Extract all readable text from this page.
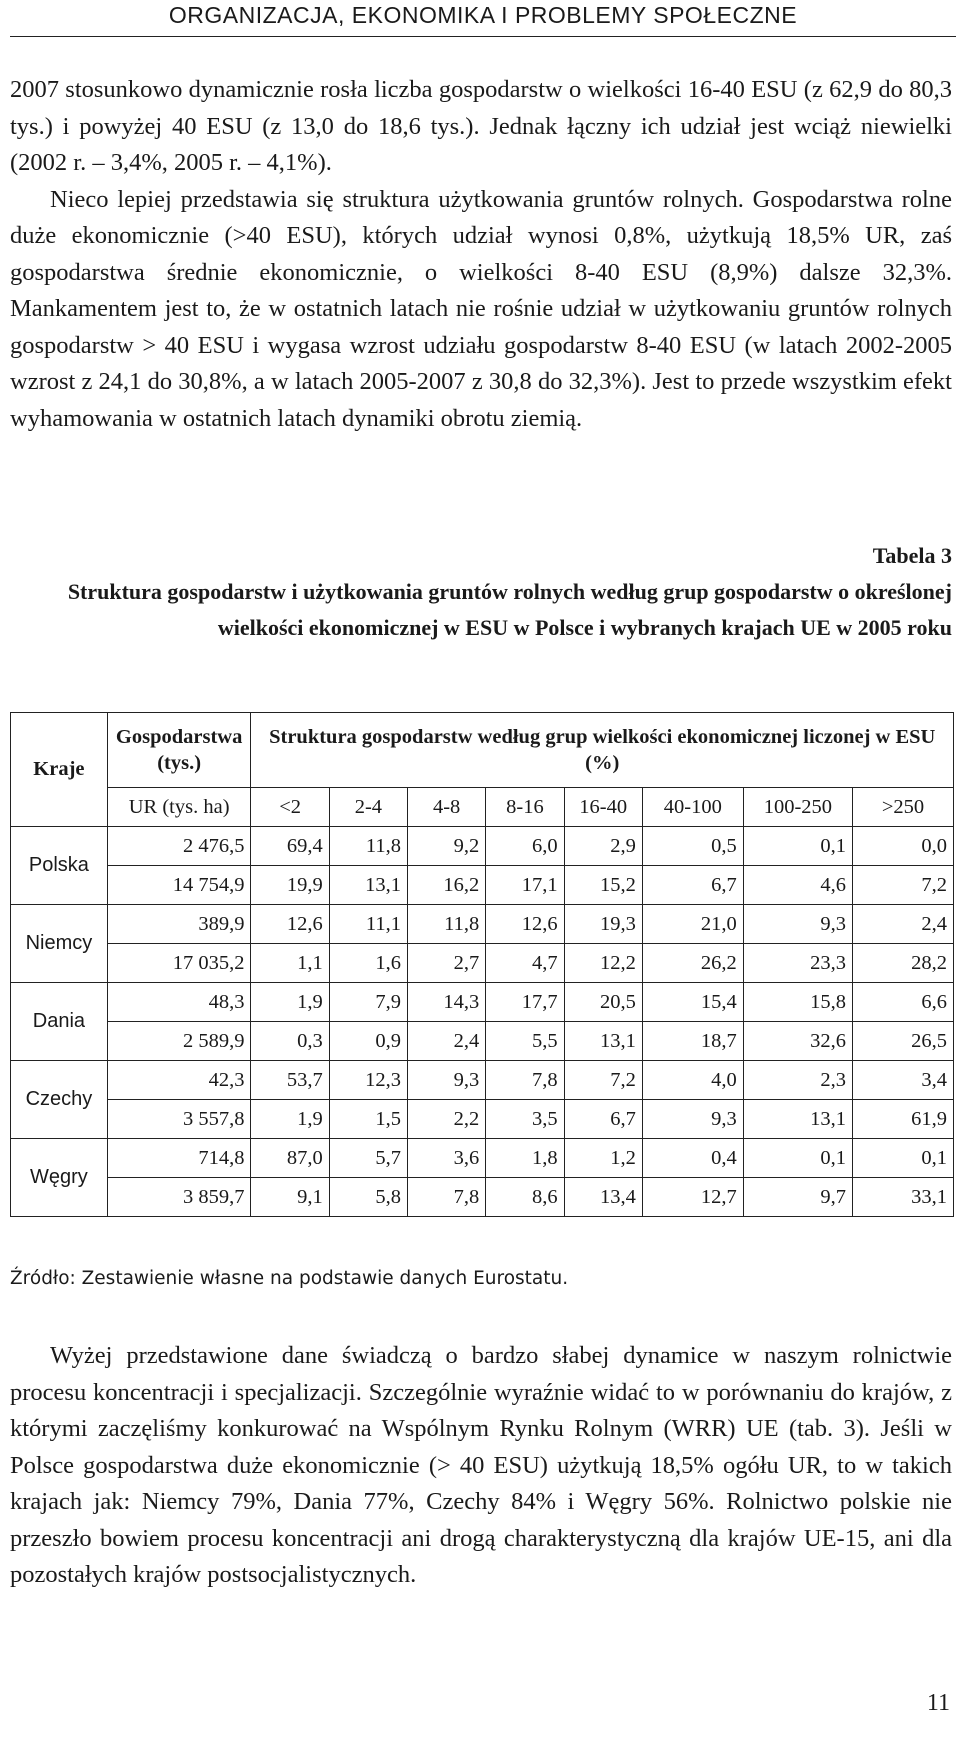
ORGANIZACJA, EKONOMIKA I PROBLEMY SPOŁECZNE

2007 stosunkowo dynamicznie rosła liczba gospodarstw o wielkości 16-40 ESU (z 62,9 do 80,3 tys.) i powyżej 40 ESU (z 13,0 do 18,6 tys.). Jednak łączny ich udział jest wciąż niewielki (2002 r. – 3,4%, 2005 r. – 4,1%).

Nieco lepiej przedstawia się struktura użytkowania gruntów rolnych. Gospodarstwa rolne duże ekonomicznie (>40 ESU), których udział wynosi 0,8%, użytkują 18,5% UR, zaś gospodarstwa średnie ekonomicznie, o wielkości 8-40 ESU (8,9%) dalsze 32,3%. Mankamentem jest to, że w ostatnich latach nie rośnie udział w użytkowaniu gruntów rolnych gospodarstw > 40 ESU i wygasa wzrost udziału gospodarstw 8-40 ESU (w latach 2002-2005 wzrost z 24,1 do 30,8%, a w latach 2005-2007 z 30,8 do 32,3%). Jest to przede wszystkim efekt wyhamowania w ostatnich latach dynamiki obrotu ziemią.

Tabela 3
Struktura gospodarstw i użytkowania gruntów rolnych według grup gospodarstw o określonej wielkości ekonomicznej w ESU w Polsce i wybranych krajach UE w 2005 roku
Kraje	Gospodarstwa (tys.)	Struktura gospodarstw według grup wielkości ekonomicznej liczonej w ESU (%)							
	UR (tys. ha)	<2	2-4	4-8	8-16	16-40	40-100	100-250	>250
Polska	2 476,5	69,4	11,8	9,2	6,0	2,9	0,5	0,1	0,0
	14 754,9	19,9	13,1	16,2	17,1	15,2	6,7	4,6	7,2
Niemcy	389,9	12,6	11,1	11,8	12,6	19,3	21,0	9,3	2,4
	17 035,2	1,1	1,6	2,7	4,7	12,2	26,2	23,3	28,2
Dania	48,3	1,9	7,9	14,3	17,7	20,5	15,4	15,8	6,6
	2 589,9	0,3	0,9	2,4	5,5	13,1	18,7	32,6	26,5
Czechy	42,3	53,7	12,3	9,3	7,8	7,2	4,0	2,3	3,4
	3 557,8	1,9	1,5	2,2	3,5	6,7	9,3	13,1	61,9
Węgry	714,8	87,0	5,7	3,6	1,8	1,2	0,4	0,1	0,1
	3 859,7	9,1	5,8	7,8	8,6	13,4	12,7	9,7	33,1
Źródło: Zestawienie własne na podstawie danych Eurostatu.

Wyżej przedstawione dane świadczą o bardzo słabej dynamice w naszym rolnictwie procesu koncentracji i specjalizacji. Szczególnie wyraźnie widać to w porównaniu do krajów, z którymi zaczęliśmy konkurować na Wspólnym Rynku Rolnym (WRR) UE (tab. 3). Jeśli w Polsce gospodarstwa duże ekonomicznie (> 40 ESU) użytkują 18,5% ogółu UR, to w takich krajach jak: Niemcy 79%, Dania 77%, Czechy 84% i Węgry 56%. Rolnictwo polskie nie przeszło bowiem procesu koncentracji ani drogą charakterystyczną dla krajów UE-15, ani dla pozostałych krajów postsocjalistycznych.

11
